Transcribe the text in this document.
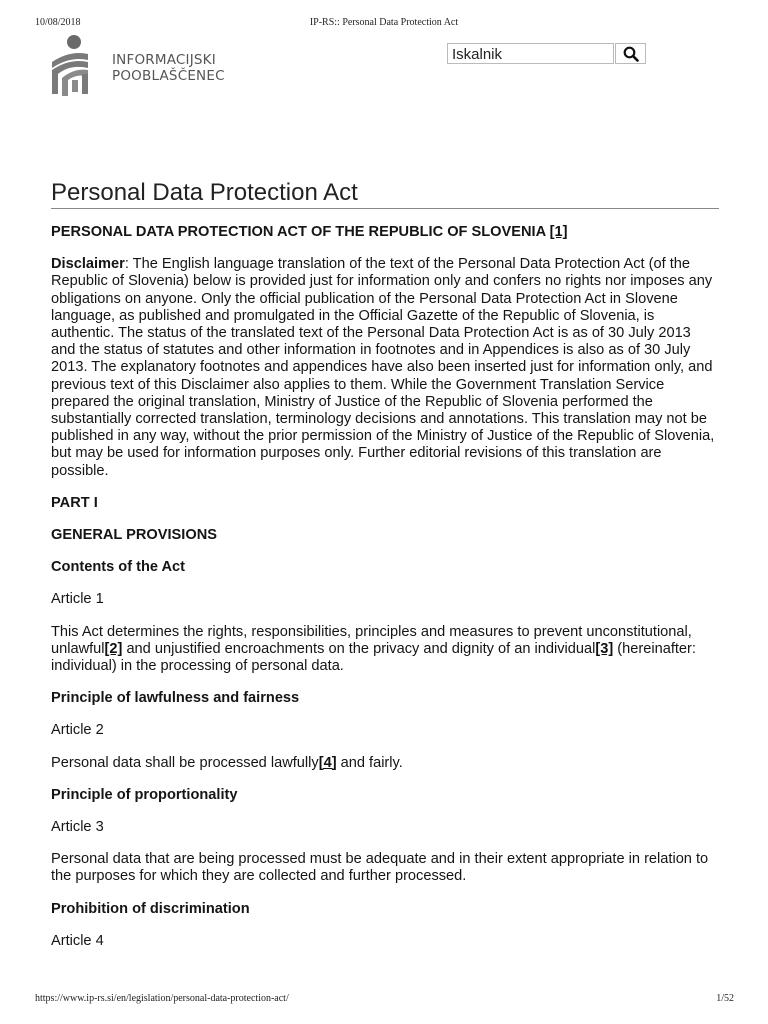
10/08/2018	IP-RS:: Personal Data Protection Act
INFORMACIJSKI
POOBLAŠČENEC
Iskalnik
Personal Data Protection Act

PERSONAL DATA PROTECTION ACT OF THE REPUBLIC OF SLOVENIA [1]

Disclaimer: The English language translation of the text of the Personal Data Protection Act (of the Republic of Slovenia) below is provided just for information only and confers no rights nor imposes any obligations on anyone. Only the official publication of the Personal Data Protection Act in Slovene language, as published and promulgated in the Official Gazette of the Republic of Slovenia, is authentic. The status of the translated text of the Personal Data Protection Act is as of 30 July 2013 and the status of statutes and other information in footnotes and in Appendices is also as of 30 July 2013. The explanatory footnotes and appendices have also been inserted just for information only, and previous text of this Disclaimer also applies to them. While the Government Translation Service prepared the original translation, Ministry of Justice of the Republic of Slovenia performed the substantially corrected translation, terminology decisions and annotations. This translation may not be published in any way, without the prior permission of the Ministry of Justice of the Republic of Slovenia, but may be used for information purposes only. Further editorial revisions of this translation are possible.

PART I

GENERAL PROVISIONS

Contents of the Act

Article 1

This Act determines the rights, responsibilities, principles and measures to prevent unconstitutional, unlawful[2] and unjustified encroachments on the privacy and dignity of an individual[3] (hereinafter: individual) in the processing of personal data.

Principle of lawfulness and fairness

Article 2

Personal data shall be processed lawfully[4] and fairly.

Principle of proportionality

Article 3

Personal data that are being processed must be adequate and in their extent appropriate in relation to the purposes for which they are collected and further processed.

Prohibition of discrimination

Article 4

https://www.ip-rs.si/en/legislation/personal-data-protection-act/	1/52
